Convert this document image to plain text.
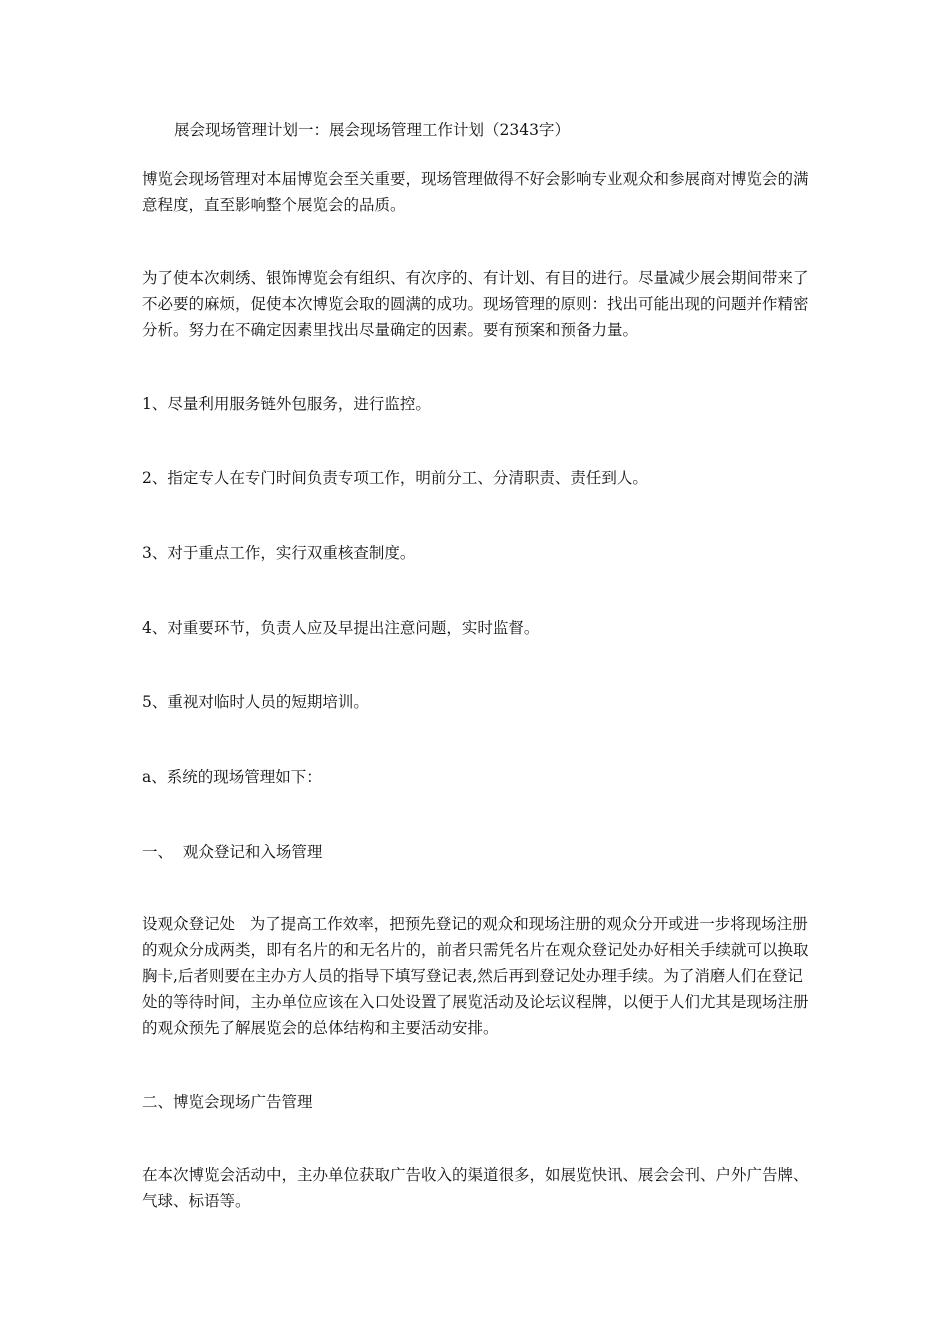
展会现场管理计划一：展会现场管理工作计划（2343字）
博览会现场管理对本届博览会至关重要，现场管理做得不好会影响专业观众和参展商对博览会的满意程度，直至影响整个展览会的品质。
为了使本次刺绣、银饰博览会有组织、有次序的、有计划、有目的进行。尽量减少展会期间带来了不必要的麻烦，促使本次博览会取的圆满的成功。现场管理的原则：找出可能出现的问题并作精密分析。努力在不确定因素里找出尽量确定的因素。要有预案和预备力量。
1、尽量利用服务链外包服务，进行监控。
2、指定专人在专门时间负责专项工作，明前分工、分清职责、责任到人。
3、对于重点工作，实行双重核查制度。
4、对重要环节，负责人应及早提出注意问题，实时监督。
5、重视对临时人员的短期培训。
a、系统的现场管理如下：
一、  观众登记和入场管理
设观众登记处   为了提高工作效率，把预先登记的观众和现场注册的观众分开或进一步将现场注册的观众分成两类，即有名片的和无名片的，前者只需凭名片在观众登记处办好相关手续就可以换取胸卡,后者则要在主办方人员的指导下填写登记表,然后再到登记处办理手续。为了消磨人们在登记处的等待时间，主办单位应该在入口处设置了展览活动及论坛议程牌，以便于人们尤其是现场注册的观众预先了解展览会的总体结构和主要活动安排。
二、博览会现场广告管理
在本次博览会活动中，主办单位获取广告收入的渠道很多，如展览快讯、展会会刊、户外广告牌、气球、标语等。
